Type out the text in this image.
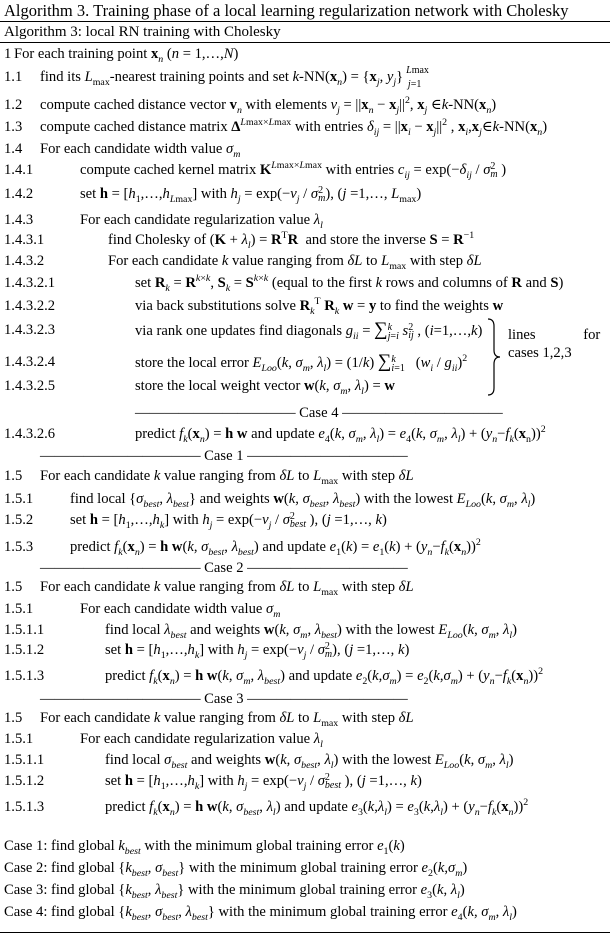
Algorithm 3. Training phase of a local learning regularization network with Cholesky
Algorithm 3: local RN training with Cholesky
1 For each training point $x_n$ (n = 1,…,N)
1.1 find its $L_{max}$-nearest training points and set $k-NN(x_n) = \{x_j$, $y_j$} $^{Lmax}_{j=1}$
1.2 compute cached distance vector $v_n$ with elements $v_j = ||x_n - x_j||^2$, $x_j$ $\in k-NN(x_n)$
1.3 compute cached distance matrix $\Delta^{Lmax\times Lmax}$ with entries $\delta_{ij} = ||x_i - x_j||^2$ , $x_i,x_j\in k-NN(x_n)$
1.4 For each candidate width value $\sigma_m$
1.4.1	compute cached kernel matrix $K^{Lmax\times Lmax}$ with entries $c_{ij} = \exp(-\delta_{ij} / \sigma$ 2
m )
1.4.2	set $h = [h_1,\dots,h_{Lmax}]$ with $h_j = \exp(-v_j / \sigma$ 2
m ), (j =1,…, $L_{max}$)
1.4.3	For each candidate regularization value $\lambda_l$
1.4.3.1	find Cholesky of $(K + \lambda_l) = R^TR$  and store the inverse $S = R^{-1}$
1.4.3.2	For each candidate k value ranging from δL to $L_{max}$ with step δL
1.4.3.2.1	set $R_k = R^{k\times k}$, $S_k = S^{k\times k}$ (equal to the first k rows and columns of R and S)
1.4.3.2.2	via back substitutions solve $R_k^T$ $R_k$ w = y to find the weights w
1.4.3.2.3	via rank one updates find diagonals $g_{ii}$ = ∑ k
j=i s 2
ij , (i=1,…,k)
1.4.3.2.4	store the local error $E_{Loo}(k$, $\sigma_m$, $\lambda_l) = (1/k)$ ∑ k
i=1 $(w_i / g_{ii})^2$
1.4.3.2.5	store the local weight vector w(k, $\sigma_m$, $\lambda_l) = w$
lines for
cases 1,2,3
——————————— Case 4 ———————————
1.4.3.2.6	predict $f_k(x_n) = h$ w and update $e_4(k$, $\sigma_m$, $\lambda_l) = e_4(k$, $\sigma_m$, $\lambda_l) + (y_n-f_k(x_n))^2$
——————————— Case 1 ———————————
1.5 For each candidate k value ranging from δL to $L_{max}$ with step δL
1.5.1	find local {$\sigma_{best}$, $\lambda_{best}$} and weights w(k, $\sigma_{best}$, $\lambda_{best}$) with the lowest $E_{Loo}(k$, $\sigma_m$, $\lambda_l$)
1.5.2	set $h = [h_1,\dots,h_k]$ with $h_j = \exp(-v_j / \sigma$ 2
best ), (j =1,…, k)
1.5.3	predict $f_k(x_n) = h$ w(k, $\sigma_{best}$, $\lambda_{best}$) and update $e_1(k) = e_1(k) + (y_n-f_k(x_n))^2$
——————————— Case 2 ———————————
1.5 For each candidate k value ranging from δL to $L_{max}$ with step δL
1.5.1	For each candidate width value $\sigma_m$
1.5.1.1	find local $\lambda_{best}$ and weights w(k, $\sigma_m$, $\lambda_{best}$) with the lowest $E_{Loo}(k$, $\sigma_m$, $\lambda_l$)
1.5.1.2	set $h = [h_1,\dots,h_k]$ with $h_j = \exp(-v_j / \sigma$ 2
m ), (j =1,…, k)
1.5.1.3	predict $f_k(x_n) = h$ w(k, $\sigma_m$, $\lambda_{best}$) and update $e_2(k,\sigma_m) = e_2(k,\sigma_m) + (y_n-f_k(x_n))^2$
——————————— Case 3 ———————————
1.5 For each candidate k value ranging from δL to $L_{max}$ with step δL
1.5.1	For each candidate regularization value $\lambda_l$
1.5.1.1	find local $\sigma_{best}$ and weights w(k, $\sigma_{best}$, $\lambda_l$) with the lowest $E_{Loo}(k$, $\sigma_m$, $\lambda_l$)
1.5.1.2	set $h = [h_1,\dots,h_k]$ with $h_j = \exp(-v_j / \sigma$ 2
best ), (j =1,…, k)
1.5.1.3	predict $f_k(x_n) = h$ w(k, $\sigma_{best}$, $\lambda_l$) and update $e_3(k,\lambda_l) = e_3(k,\lambda_l) + (y_n-f_k(x_n))^2$
Case 1: find global $k_{best}$ with the minimum global training error $e_1(k)$
Case 2: find global {$k_{best}$, $\sigma_{best}$} with the minimum global training error $e_2(k,\sigma_m)$
Case 3: find global {$k_{best}$, $\lambda_{best}$} with the minimum global training error $e_3(k$, $\lambda_l$)
Case 4: find global {$k_{best}$, $\sigma_{best}$, $\lambda_{best}$} with the minimum global training error $e_4(k$, $\sigma_m$, $\lambda_l$)
